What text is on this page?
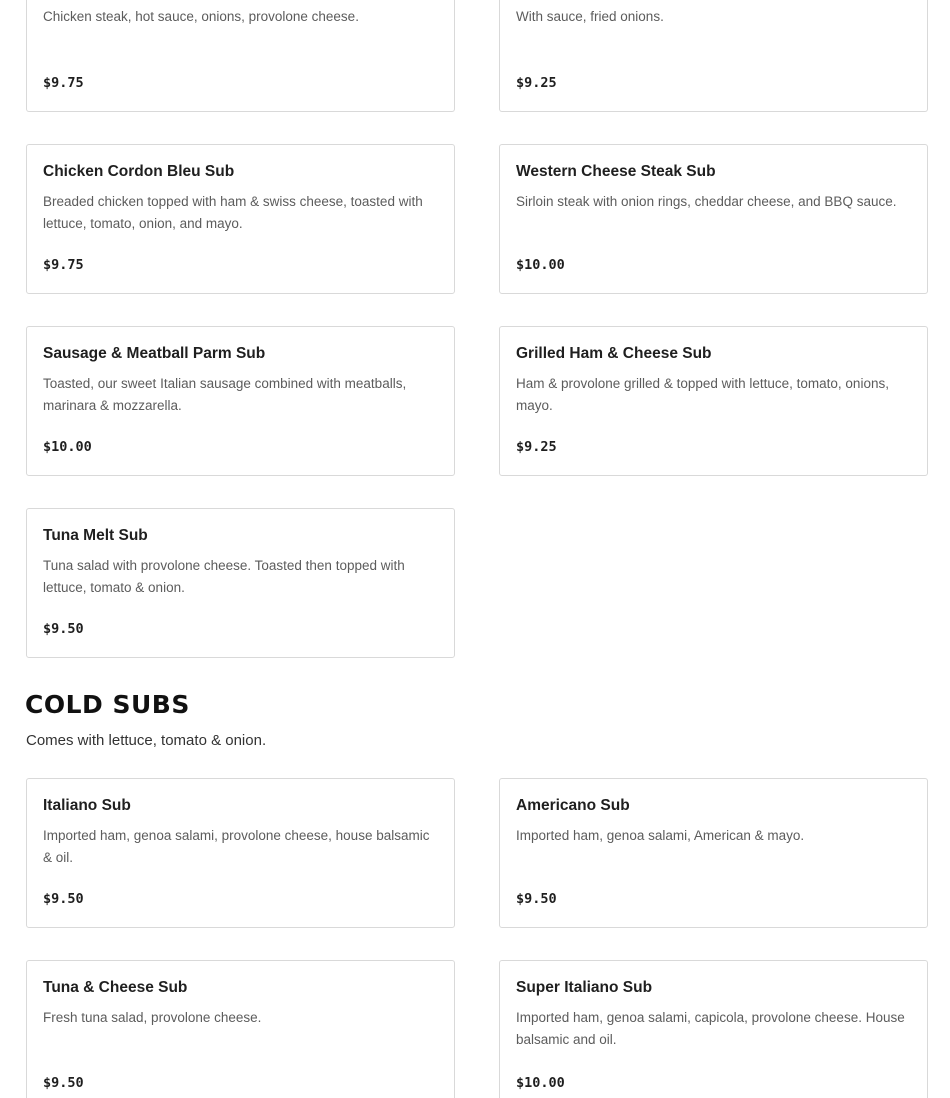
Chicken steak, hot sauce, onions, provolone cheese.

$9.75

With sauce, fried onions.

$9.25

Chicken Cordon Bleu Sub

Breaded chicken topped with ham & swiss cheese, toasted with lettuce, tomato, onion, and mayo.

$9.75

Western Cheese Steak Sub

Sirloin steak with onion rings, cheddar cheese, and BBQ sauce.

$10.00

Sausage & Meatball Parm Sub

Toasted, our sweet Italian sausage combined with meatballs, marinara & mozzarella.

$10.00

Grilled Ham & Cheese Sub

Ham & provolone grilled & topped with lettuce, tomato, onions, mayo.

$9.25

Tuna Melt Sub

Tuna salad with provolone cheese. Toasted then topped with lettuce, tomato & onion.

$9.50

COLD SUBS

Comes with lettuce, tomato & onion.

Italiano Sub

Imported ham, genoa salami, provolone cheese, house balsamic & oil.

$9.50

Americano Sub

Imported ham, genoa salami, American & mayo.

$9.50

Tuna & Cheese Sub

Fresh tuna salad, provolone cheese.

$9.50

Super Italiano Sub

Imported ham, genoa salami, capicola, provolone cheese. House balsamic and oil.

$10.00
